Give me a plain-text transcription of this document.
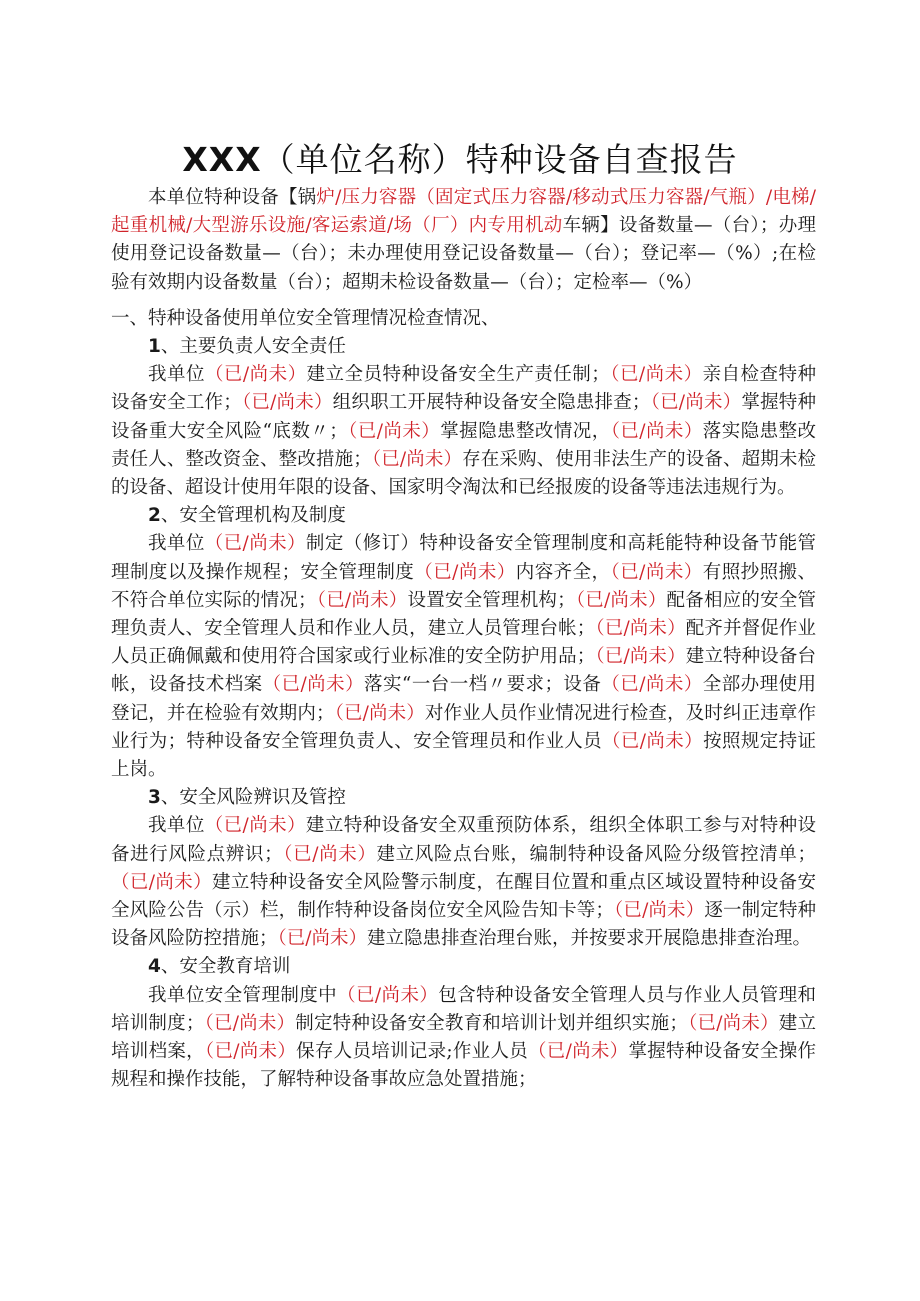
XXX（单位名称）特种设备自查报告

本单位特种设备【锅炉/压力容器（固定式压力容器/移动式压力容器/气瓶）/电梯/起重机械/大型游乐设施/客运索道/场（厂）内专用机动车辆】设备数量—（台）；办理使用登记设备数量—（台）；未办理使用登记设备数量—（台）；登记率—（%）;在检验有效期内设备数量（台）；超期未检设备数量—（台）；定检率—（%）

一、特种设备使用单位安全管理情况检查情况、

1、主要负责人安全责任

我单位（已/尚未）建立全员特种设备安全生产责任制；（已/尚未）亲自检查特种设备安全工作；（已/尚未）组织职工开展特种设备安全隐患排查；（已/尚未）掌握特种设备重大安全风险“底数〃；（已/尚未）掌握隐患整改情况，（已/尚未）落实隐患整改责任人、整改资金、整改措施；（已/尚未）存在采购、使用非法生产的设备、超期未检的设备、超设计使用年限的设备、国家明令淘汰和已经报废的设备等违法违规行为。

2、安全管理机构及制度

我单位（已/尚未）制定（修订）特种设备安全管理制度和高耗能特种设备节能管理制度以及操作规程；安全管理制度（已/尚未）内容齐全，（已/尚未）有照抄照搬、不符合单位实际的情况；（已/尚未）设置安全管理机构；（已/尚未）配备相应的安全管理负责人、安全管理人员和作业人员，建立人员管理台帐；（已/尚未）配齐并督促作业人员正确佩戴和使用符合国家或行业标准的安全防护用品；（已/尚未）建立特种设备台帐，设备技术档案（已/尚未）落实“一台一档〃要求；设备（已/尚未）全部办理使用登记，并在检验有效期内；（已/尚未）对作业人员作业情况进行检查，及时纠正违章作业行为；特种设备安全管理负责人、安全管理员和作业人员（已/尚未）按照规定持证上岗。

3、安全风险辨识及管控

我单位（已/尚未）建立特种设备安全双重预防体系，组织全体职工参与对特种设备进行风险点辨识；（已/尚未）建立风险点台账，编制特种设备风险分级管控清单；（已/尚未）建立特种设备安全风险警示制度，在醒目位置和重点区域设置特种设备安全风险公告（示）栏，制作特种设备岗位安全风险告知卡等；（已/尚未）逐一制定特种设备风险防控措施；（已/尚未）建立隐患排查治理台账，并按要求开展隐患排查治理。

4、安全教育培训

我单位安全管理制度中（已/尚未）包含特种设备安全管理人员与作业人员管理和培训制度；（已/尚未）制定特种设备安全教育和培训计划并组织实施；（已/尚未）建立培训档案，（已/尚未）保存人员培训记录;作业人员（已/尚未）掌握特种设备安全操作规程和操作技能，了解特种设备事故应急处置措施；
